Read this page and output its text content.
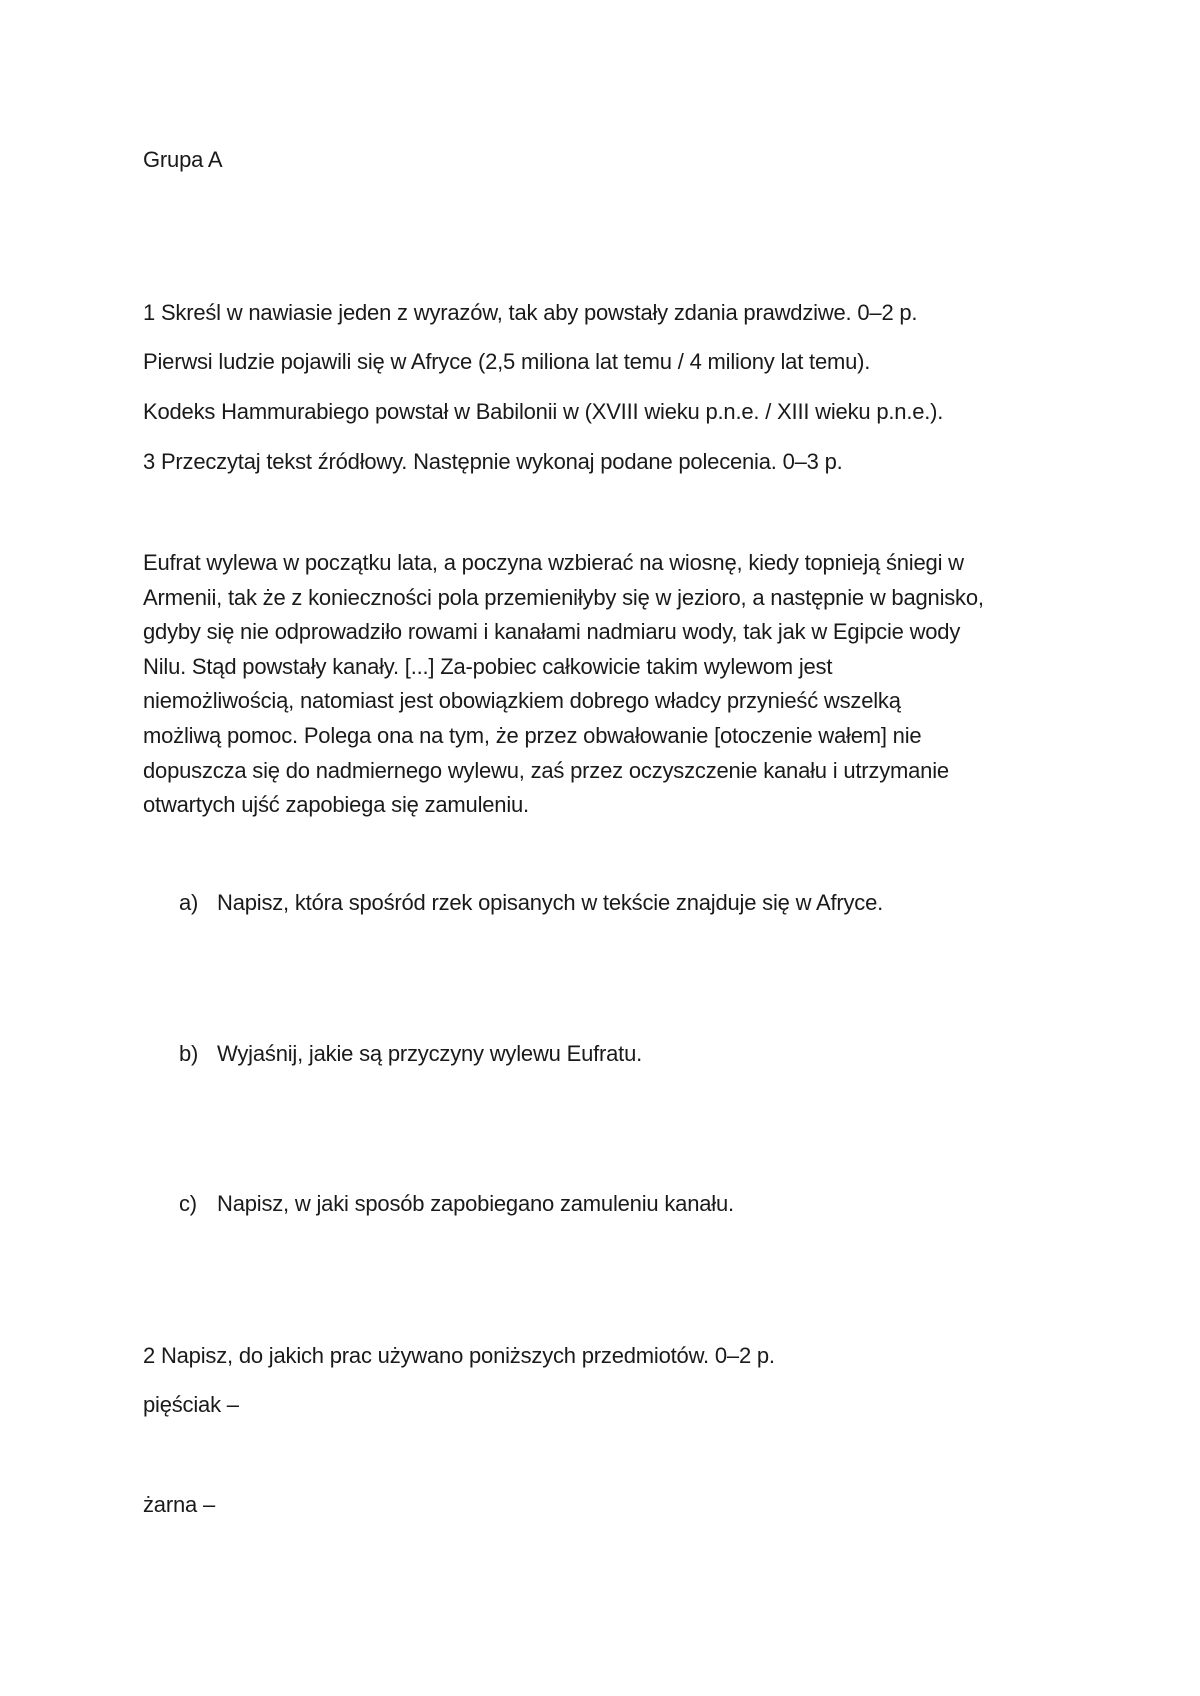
Grupa A
1 Skreśl w nawiasie jeden z wyrazów, tak aby powstały zdania prawdziwe. 0–2 p.
Pierwsi ludzie pojawili się w Afryce (2,5 miliona lat temu / 4 miliony lat temu).
Kodeks Hammurabiego powstał w Babilonii w (XVIII wieku p.n.e. / XIII wieku p.n.e.).
3 Przeczytaj tekst źródłowy. Następnie wykonaj podane polecenia. 0–3 p.
Eufrat wylewa w początku lata, a poczyna wzbierać na wiosnę, kiedy topnieją śniegi w
Armenii, tak że z konieczności pola przemieniłyby się w jezioro, a następnie w bagnisko,
gdyby się nie odprowadziło rowami i kanałami nadmiaru wody, tak jak w Egipcie wody
Nilu. Stąd powstały kanały. [...] Za-pobiec całkowicie takim wylewom jest
niemożliwością, natomiast jest obowiązkiem dobrego władcy przynieść wszelką
możliwą pomoc. Polega ona na tym, że przez obwałowanie [otoczenie wałem] nie
dopuszcza się do nadmiernego wylewu, zaś przez oczyszczenie kanału i utrzymanie
otwartych ujść zapobiega się zamuleniu.
a) Napisz, która spośród rzek opisanych w tekście znajduje się w Afryce.
b) Wyjaśnij, jakie są przyczyny wylewu Eufratu.
c) Napisz, w jaki sposób zapobiegano zamuleniu kanału.
2 Napisz, do jakich prac używano poniższych przedmiotów. 0–2 p.
pięściak –
żarna –
